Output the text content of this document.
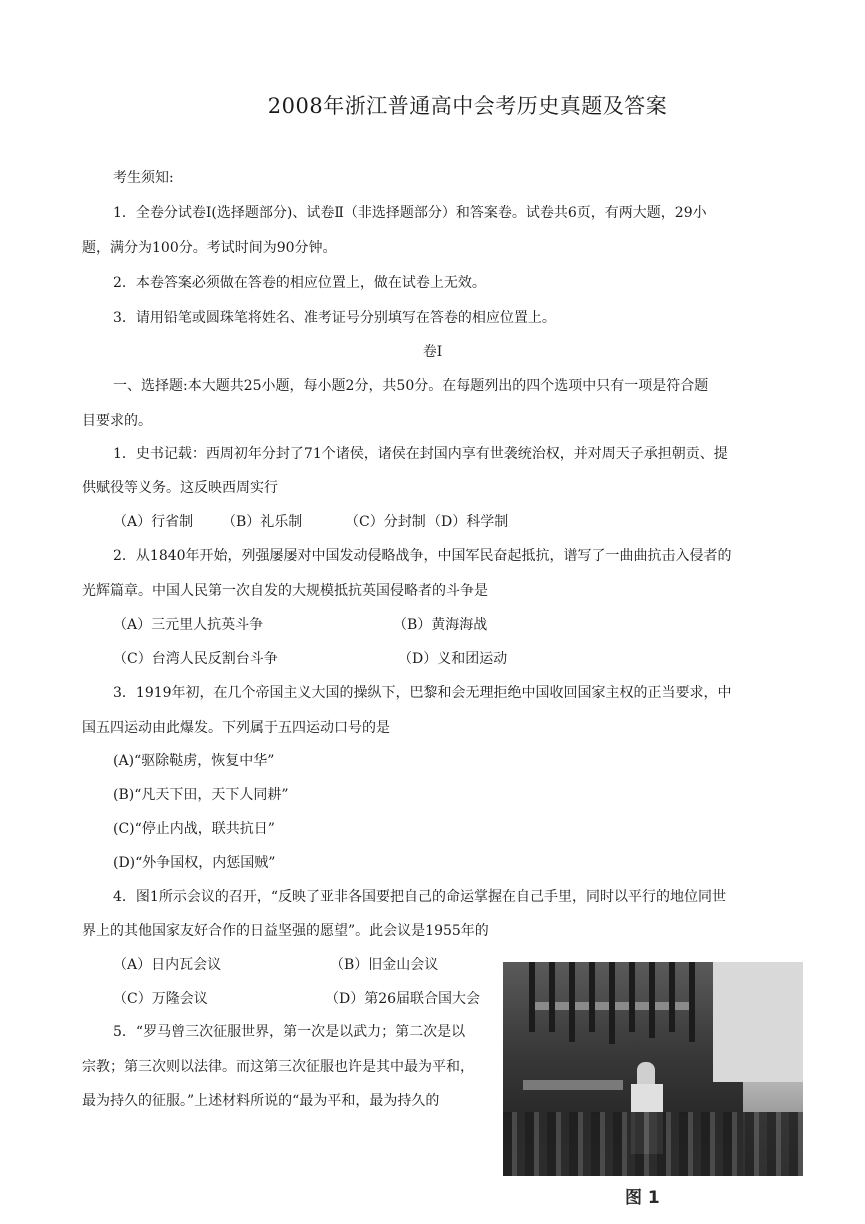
2008年浙江普通高中会考历史真题及答案
考生须知:
1．全卷分试卷Ⅰ(选择题部分)、试卷Ⅱ（非选择题部分）和答案卷。试卷共6页，有两大题，29小
题，满分为100分。考试时间为90分钟。
2．本卷答案必须做在答卷的相应位置上，做在试卷上无效。
3．请用铅笔或圆珠笔将姓名、准考证号分别填写在答卷的相应位置上。
卷Ⅰ
一、选择题:本大题共25小题，每小题2分，共50分。在每题列出的四个选项中只有一项是符合题
目要求的。
1．史书记载：西周初年分封了71个诸侯，诸侯在封国内享有世袭统治权，并对周天子承担朝贡、提
供赋役等义务。这反映西周实行
（A）行省制 （B）礼乐制	（C）分封制 （D）科学制
2．从1840年开始，列强屡屡对中国发动侵略战争，中国军民奋起抵抗，谱写了一曲曲抗击入侵者的
光辉篇章。中国人民第一次自发的大规模抵抗英国侵略者的斗争是
（A）三元里人抗英斗争	（B）黄海海战
（C）台湾人民反割台斗争	（D）义和团运动
3．1919年初，在几个帝国主义大国的操纵下，巴黎和会无理拒绝中国收回国家主权的正当要求，中
国五四运动由此爆发。下列属于五四运动口号的是
(A)“驱除鞑虏，恢复中华”
(B)“凡天下田，天下人同耕”
(C)“停止内战，联共抗日”
(D)“外争国权，内惩国贼”
4．图1所示会议的召开，“反映了亚非各国要把自己的命运掌握在自己手里，同时以平行的地位同世
界上的其他国家友好合作的日益坚强的愿望”。此会议是1955年的
（A）日内瓦会议	（B）旧金山会议
（C）万隆会议	（D）第26届联合国大会
5．“罗马曾三次征服世界，第一次是以武力；第二次是以
宗教；第三次则以法律。而这第三次征服也许是其中最为平和，
最为持久的征服。”上述材料所说的“最为平和，最为持久的
图 1
